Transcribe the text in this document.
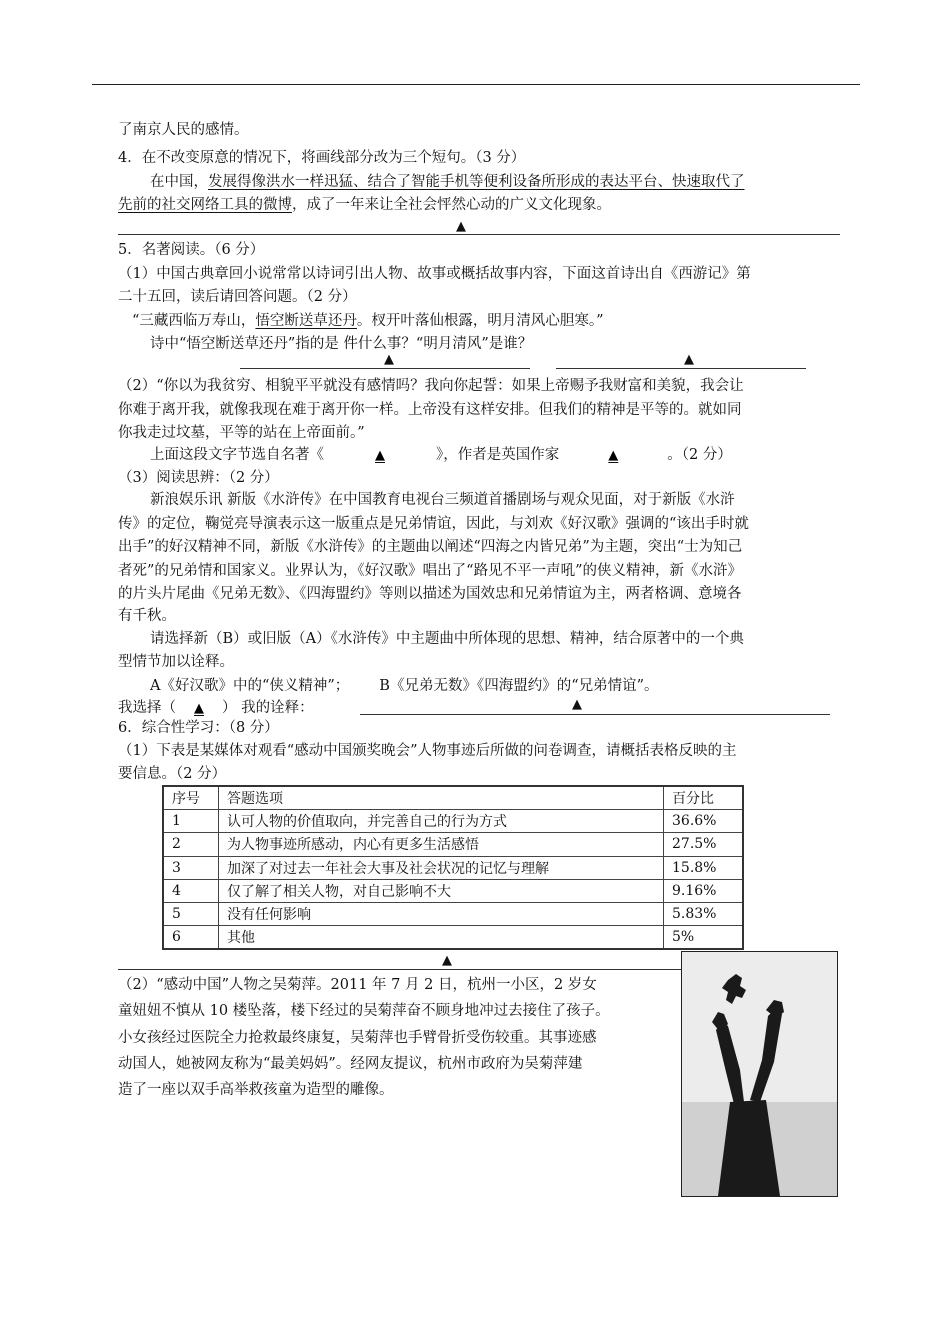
了南京人民的感情。
4．在不改变原意的情况下，将画线部分改为三个短句。（3 分）
在中国，发展得像洪水一样迅猛、结合了智能手机等便利设备所形成的表达平台、快速取代了
先前的社交网络工具的微博，成了一年来让全社会怦然心动的广义文化现象。
▲
5．名著阅读。（6 分）
（1）中国古典章回小说常常以诗词引出人物、故事或概括故事内容，下面这首诗出自《西游记》第
二十五回，读后请回答问题。（2 分）
“三藏西临万寿山，悟空断送草还丹。杈开叶落仙根露，明月清风心胆寒。”
诗中“悟空断送草还丹”指的是 件什么事？“明月清风”是谁？
▲	▲
（2）“你以为我贫穷、相貌平平就没有感情吗？我向你起誓：如果上帝赐予我财富和美貌，我会让
你难于离开我，就像我现在难于离开你一样。上帝没有这样安排。但我们的精神是平等的。就如同
你我走过坟墓，平等的站在上帝面前。”
上面这段文字节选自名著《	▲	》，作者是英国作家	▲	。（2 分）
（3）阅读思辨：（2 分）
新浪娱乐讯 新版《水浒传》在中国教育电视台三频道首播剧场与观众见面，对于新版《水浒
传》的定位，鞠觉亮导演表示这一版重点是兄弟情谊，因此，与刘欢《好汉歌》强调的“该出手时就
出手”的好汉精神不同，新版《水浒传》的主题曲以阐述“四海之内皆兄弟”为主题，突出“士为知己
者死”的兄弟情和国家义。业界认为，《好汉歌》唱出了“路见不平一声吼”的侠义精神，新《水浒》
的片头片尾曲《兄弟无数》、《四海盟约》等则以描述为国效忠和兄弟情谊为主，两者格调、意境各
有千秋。
请选择新（B）或旧版（A）《水浒传》中主题曲中所体现的思想、精神，结合原著中的一个典
型情节加以诠释。
A《好汉歌》中的“侠义精神”； B《兄弟无数》《四海盟约》的“兄弟情谊”。
我选择（ ▲ ） 我的诠释：	▲
6．综合性学习：（8 分）
（1）下表是某媒体对观看“感动中国颁奖晚会”人物事迹后所做的问卷调查，请概括表格反映的主
要信息。（2 分）
序号	答题选项	百分比
1	认可人物的价值取向，并完善自己的行为方式	36.6%
2	为人物事迹所感动，内心有更多生活感悟	27.5%
3	加深了对过去一年社会大事及社会状况的记忆与理解	15.8%
4	仅了解了相关人物，对自己影响不大	9.16%
5	没有任何影响	5.83%
6	其他	5%
▲
（2）“感动中国”人物之吴菊萍。2011 年 7 月 2 日，杭州一小区，2 岁女
童妞妞不慎从 10 楼坠落，楼下经过的吴菊萍奋不顾身地冲过去接住了孩子。
小女孩经过医院全力抢救最终康复，吴菊萍也手臂骨折受伤较重。其事迹感
动国人，她被网友称为“最美妈妈”。经网友提议，杭州市政府为吴菊萍建
造了一座以双手高举救孩童为造型的雕像。
